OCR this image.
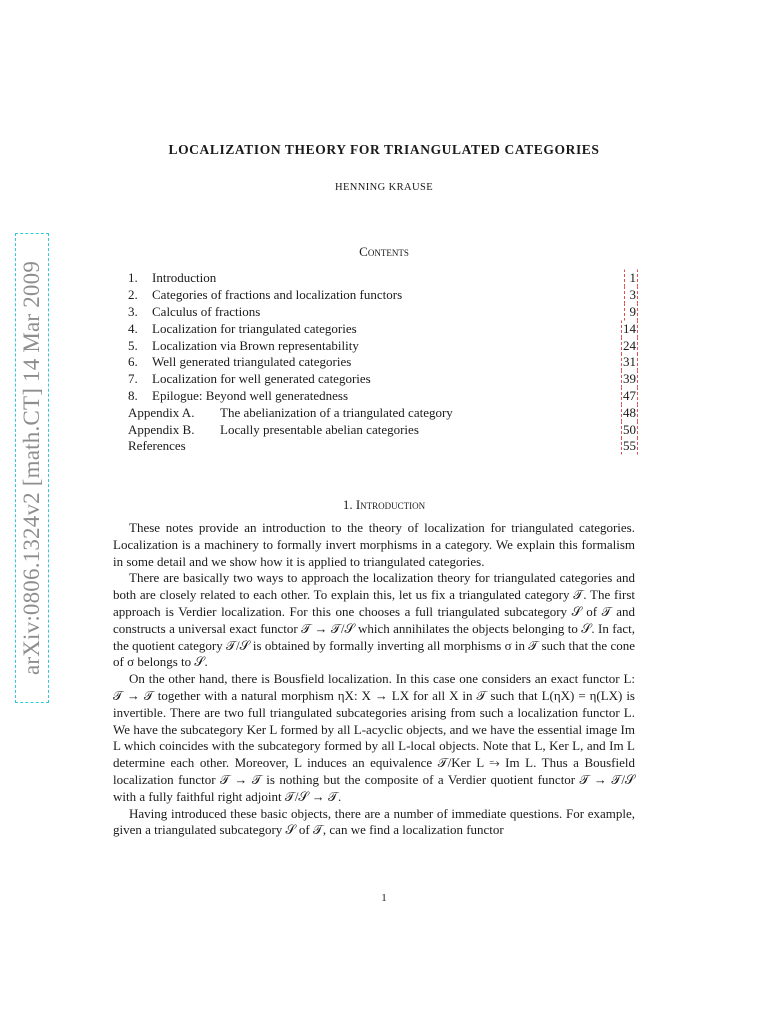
arXiv:0806.1324v2 [math.CT] 14 Mar 2009
LOCALIZATION THEORY FOR TRIANGULATED CATEGORIES
HENNING KRAUSE
Contents
1.	Introduction	1
2.	Categories of fractions and localization functors	3
3.	Calculus of fractions	9
4.	Localization for triangulated categories	14
5.	Localization via Brown representability	24
6.	Well generated triangulated categories	31
7.	Localization for well generated categories	39
8.	Epilogue: Beyond well generatedness	47
Appendix A.	The abelianization of a triangulated category	48
Appendix B.	Locally presentable abelian categories	50
References	55
1. Introduction

These notes provide an introduction to the theory of localization for triangulated categories. Localization is a machinery to formally invert morphisms in a category. We explain this formalism in some detail and we show how it is applied to triangulated categories.

There are basically two ways to approach the localization theory for triangulated categories and both are closely related to each other. To explain this, let us fix a triangulated category 𝒯. The first approach is Verdier localization. For this one chooses a full triangulated subcategory 𝒮 of 𝒯 and constructs a universal exact functor 𝒯 → 𝒯/𝒮 which annihilates the objects belonging to 𝒮. In fact, the quotient category 𝒯/𝒮 is obtained by formally inverting all morphisms σ in 𝒯 such that the cone of σ belongs to 𝒮.

On the other hand, there is Bousfield localization. In this case one considers an exact functor L: 𝒯 → 𝒯 together with a natural morphism ηX: X → LX for all X in 𝒯 such that L(ηX) = η(LX) is invertible. There are two full triangulated subcategories arising from such a localization functor L. We have the subcategory Ker L formed by all L-acyclic objects, and we have the essential image Im L which coincides with the subcategory formed by all L-local objects. Note that L, Ker L, and Im L determine each other. Moreover, L induces an equivalence 𝒯/Ker L ⥲ Im L. Thus a Bousfield localization functor 𝒯 → 𝒯 is nothing but the composite of a Verdier quotient functor 𝒯 → 𝒯/𝒮 with a fully faithful right adjoint 𝒯/𝒮 → 𝒯.

Having introduced these basic objects, there are a number of immediate questions. For example, given a triangulated subcategory 𝒮 of 𝒯, can we find a localization functor

1
